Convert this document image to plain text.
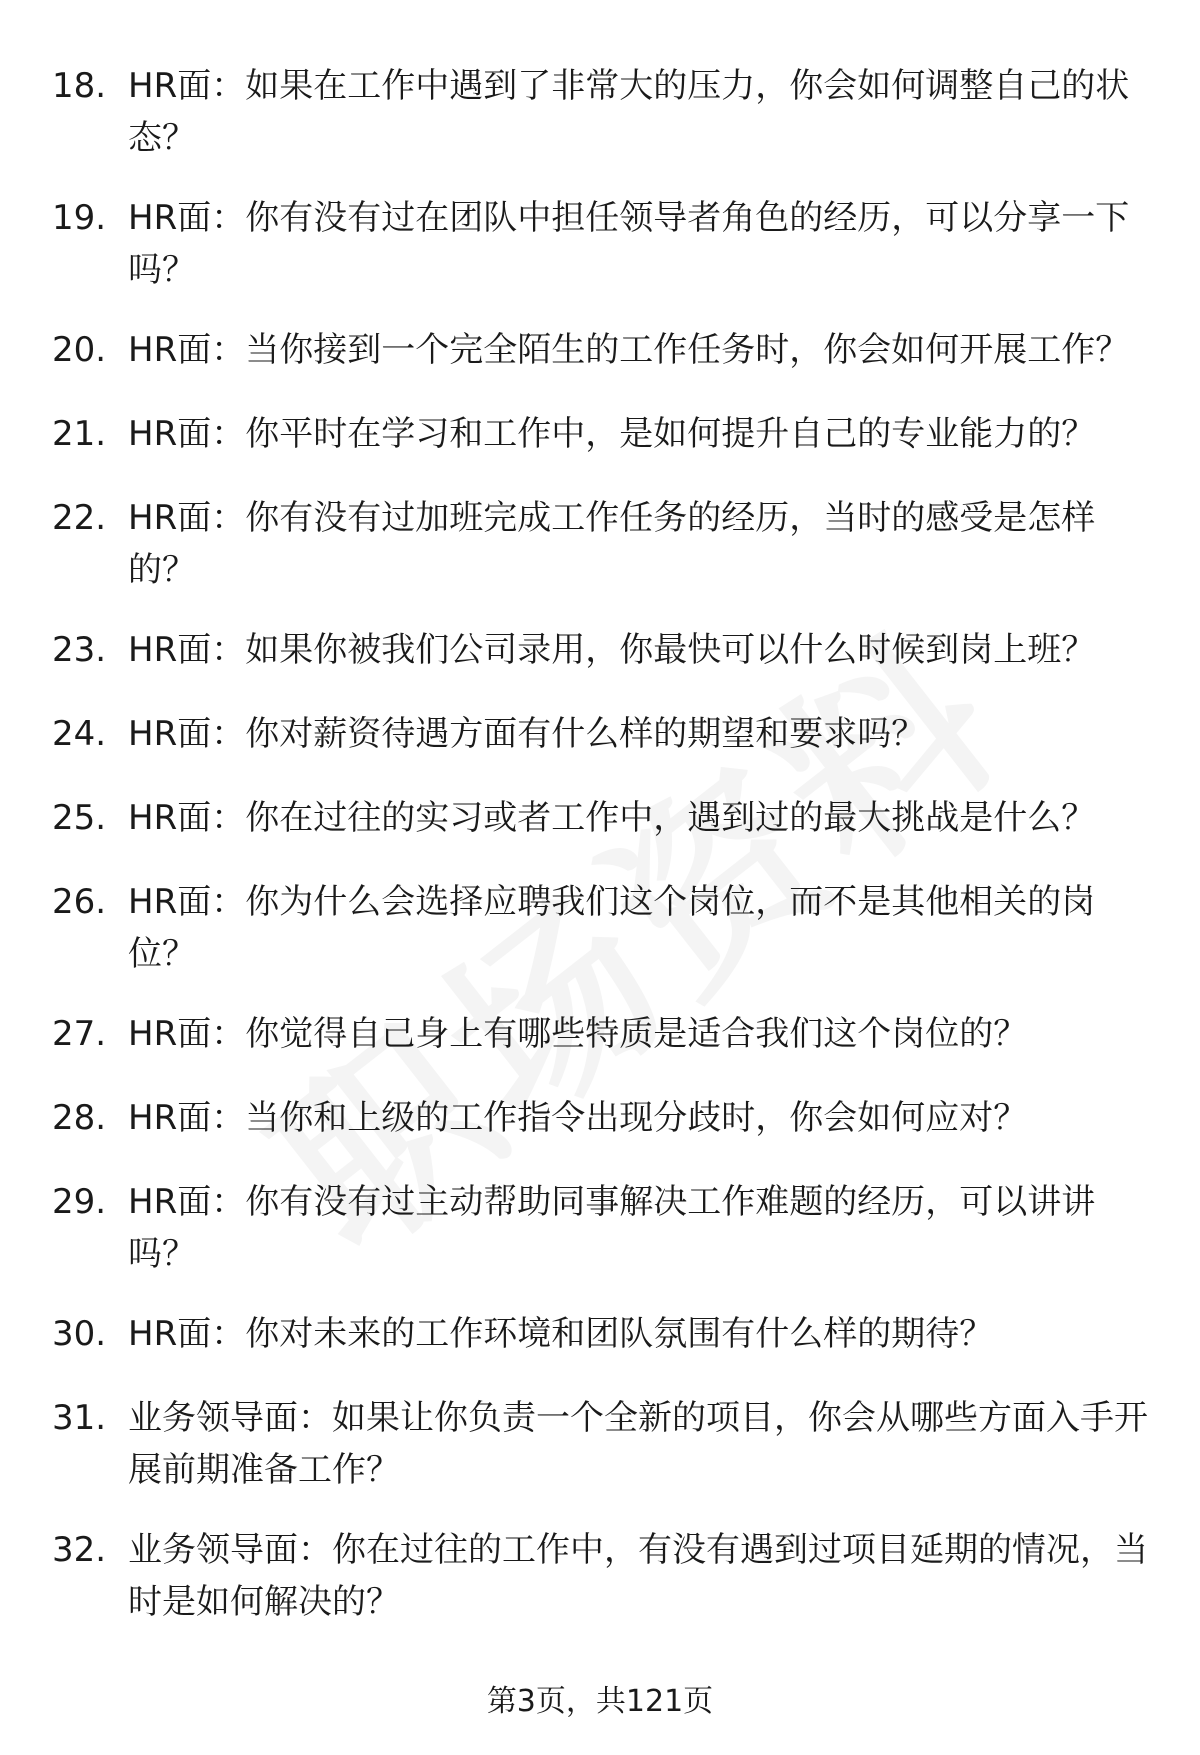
18. HR面：如果在工作中遇到了非常大的压力，你会如何调整自己的状态？
19. HR面：你有没有过在团队中担任领导者角色的经历，可以分享一下吗？
20. HR面：当你接到一个完全陌生的工作任务时，你会如何开展工作？
21. HR面：你平时在学习和工作中，是如何提升自己的专业能力的？
22. HR面：你有没有过加班完成工作任务的经历，当时的感受是怎样的？
23. HR面：如果你被我们公司录用，你最快可以什么时候到岗上班？
24. HR面：你对薪资待遇方面有什么样的期望和要求吗？
25. HR面：你在过往的实习或者工作中，遇到过的最大挑战是什么？
26. HR面：你为什么会选择应聘我们这个岗位，而不是其他相关的岗位？
27. HR面：你觉得自己身上有哪些特质是适合我们这个岗位的？
28. HR面：当你和上级的工作指令出现分歧时，你会如何应对？
29. HR面：你有没有过主动帮助同事解决工作难题的经历，可以讲讲吗？
30. HR面：你对未来的工作环境和团队氛围有什么样的期待？
31. 业务领导面：如果让你负责一个全新的项目，你会从哪些方面入手开展前期准备工作？
32. 业务领导面：你在过往的工作中，有没有遇到过项目延期的情况，当时是如何解决的？
第3页，共121页
